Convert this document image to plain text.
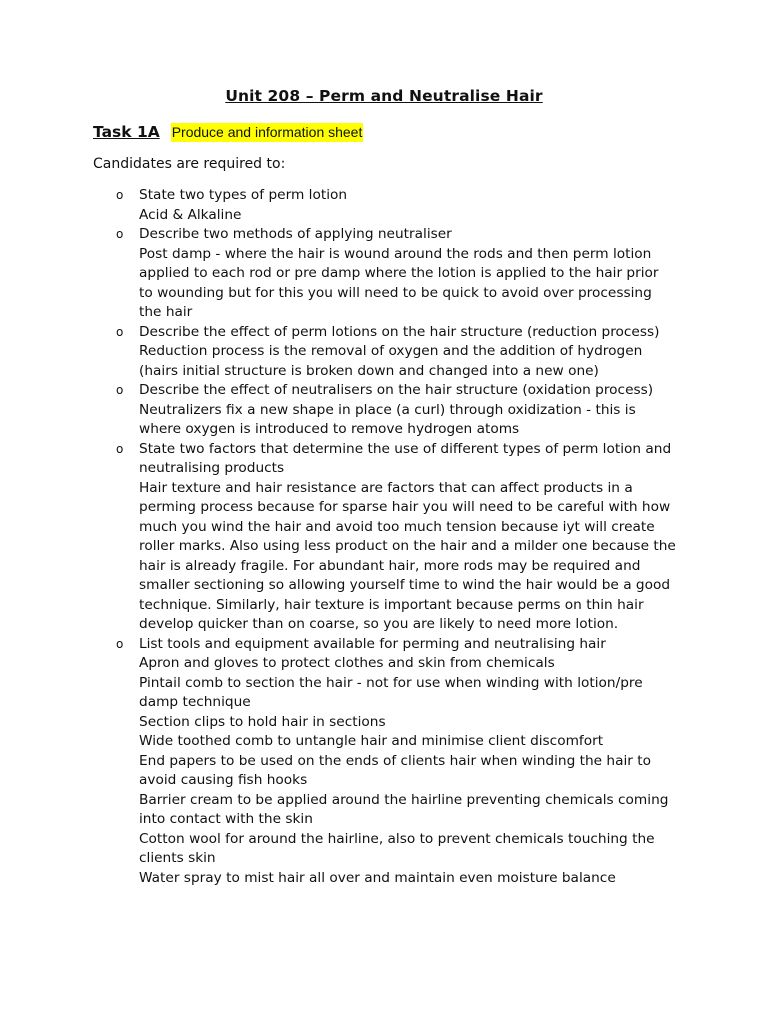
Unit 208 – Perm and Neutralise Hair
Task 1A Produce and information sheet
Candidates are required to:
o State two types of perm lotion
Acid & Alkaline
o Describe two methods of applying neutraliser
Post damp - where the hair is wound around the rods and then perm lotion applied to each rod or pre damp where the lotion is applied to the hair prior to wounding but for this you will need to be quick to avoid over processing the hair
o Describe the effect of perm lotions on the hair structure (reduction process)
Reduction process is the removal of oxygen and the addition of hydrogen (hairs initial structure is broken down and changed into a new one)
o Describe the effect of neutralisers on the hair structure (oxidation process)
Neutralizers fix a new shape in place (a curl) through oxidization - this is where oxygen is introduced to remove hydrogen atoms
o State two factors that determine the use of different types of perm lotion and neutralising products
Hair texture and hair resistance are factors that can affect products in a perming process because for sparse hair you will need to be careful with how much you wind the hair and avoid too much tension because iyt will create roller marks. Also using less product on the hair and a milder one because the hair is already fragile. For abundant hair, more rods may be required and smaller sectioning so allowing yourself time to wind the hair would be a good technique. Similarly, hair texture is important because perms on thin hair develop quicker than on coarse, so you are likely to need more lotion.
o List tools and equipment available for perming and neutralising hair
Apron and gloves to protect clothes and skin from chemicals
Pintail comb to section the hair - not for use when winding with lotion/pre damp technique
Section clips to hold hair in sections
Wide toothed comb to untangle hair and minimise client discomfort
End papers to be used on the ends of clients hair when winding the hair to avoid causing fish hooks
Barrier cream to be applied around the hairline preventing chemicals coming into contact with the skin
Cotton wool for around the hairline, also to prevent chemicals touching the clients skin
Water spray to mist hair all over and maintain even moisture balance
